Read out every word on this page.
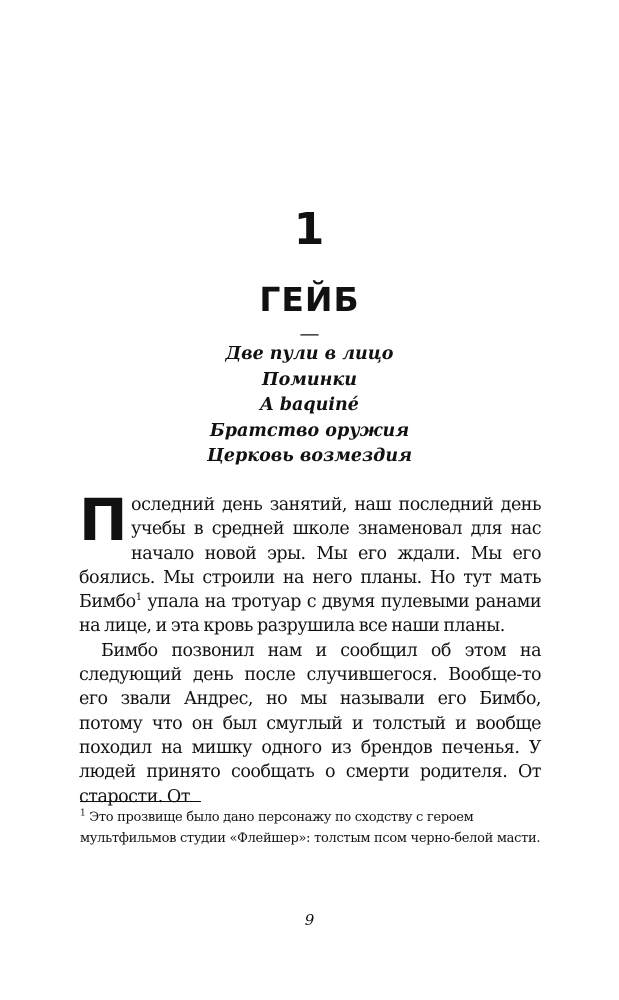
1
ГЕЙБ
—
Две пули в лицо
Поминки
A baquiné
Братство оружия
Церковь возмездия

Последний день занятий, наш последний день учебы в средней школе знаменовал для нас начало новой эры. Мы его ждали. Мы его боялись. Мы строили на него планы. Но тут мать Бимбо$^1$ упала на тротуар с двумя пулевыми ранами на лице, и эта кровь разрушила все наши планы.

Бимбо позвонил нам и сообщил об этом на следующий день после случившегося. Вообще-то его звали Андрес, но мы называли его Бимбо, потому что он был смуглый и толстый и вообще походил на мишку одного из брендов печенья. У людей принято сообщать о смерти родителя. От старости. От

$^1$ Это прозвище было дано персонажу по сходству с героем мультфильмов студии «Флейшер»: толстым псом черно-белой масти.
9
